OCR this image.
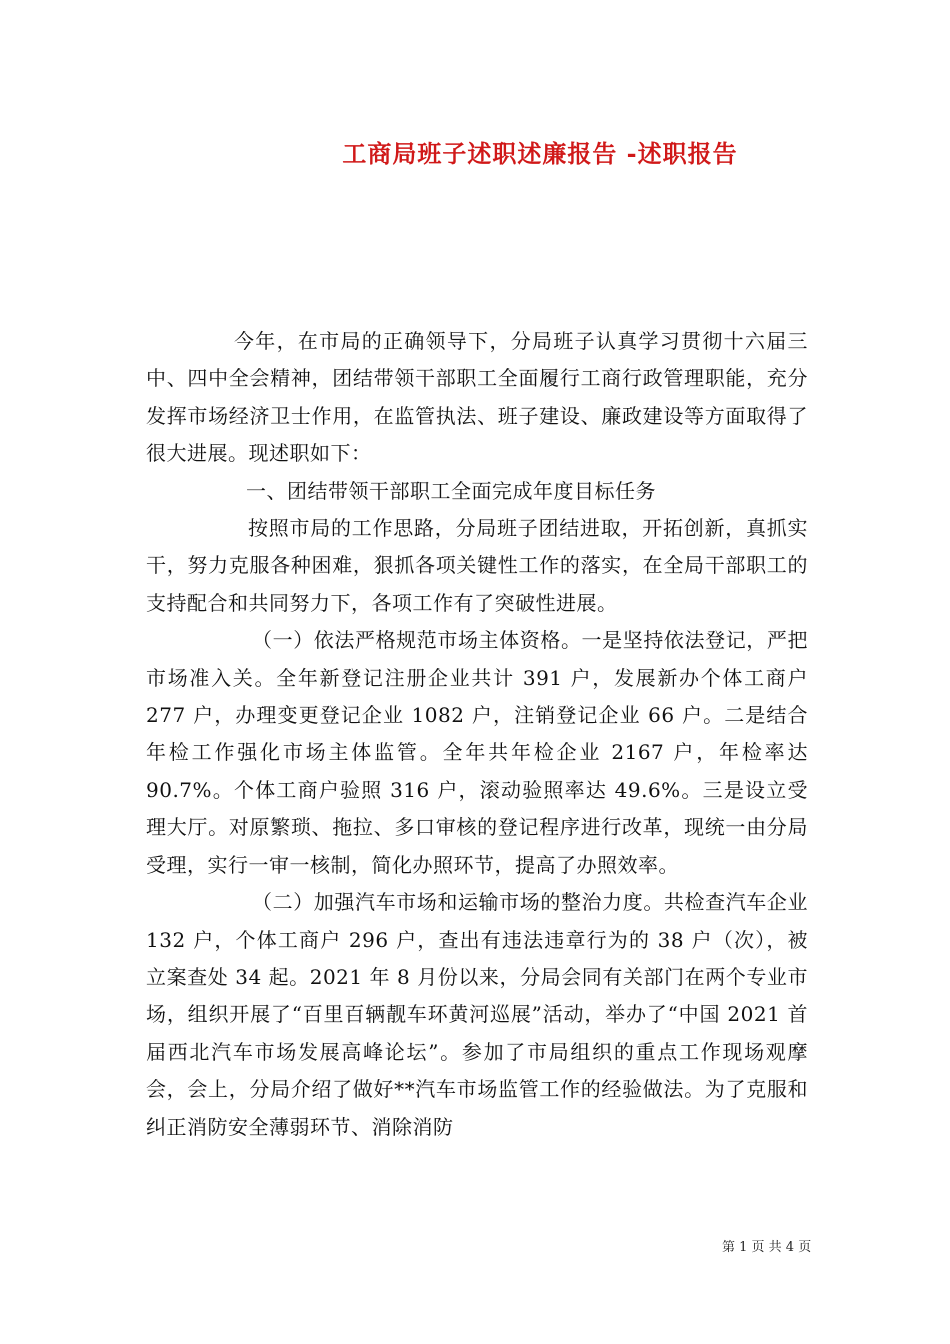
工商局班子述职述廉报告 -述职报告

今年，在市局的正确领导下，分局班子认真学习贯彻十六届三中、四中全会精神，团结带领干部职工全面履行工商行政管理职能，充分发挥市场经济卫士作用，在监管执法、班子建设、廉政建设等方面取得了很大进展。现述职如下：

一、团结带领干部职工全面完成年度目标任务

按照市局的工作思路，分局班子团结进取，开拓创新，真抓实干，努力克服各种困难，狠抓各项关键性工作的落实，在全局干部职工的支持配合和共同努力下，各项工作有了突破性进展。

（一）依法严格规范市场主体资格。一是坚持依法登记，严把市场准入关。全年新登记注册企业共计 391 户，发展新办个体工商户 277 户，办理变更登记企业 1082 户，注销登记企业 66 户。二是结合年检工作强化市场主体监管。全年共年检企业 2167 户，年检率达 90.7%。个体工商户验照 316 户，滚动验照率达 49.6%。三是设立受理大厅。对原繁琐、拖拉、多口审核的登记程序进行改革，现统一由分局受理，实行一审一核制，简化办照环节，提高了办照效率。

（二）加强汽车市场和运输市场的整治力度。共检查汽车企业 132 户，个体工商户 296 户，查出有违法违章行为的 38 户（次），被立案查处 34 起。2021 年 8 月份以来，分局会同有关部门在两个专业市场，组织开展了“百里百辆靓车环黄河巡展”活动，举办了“中国 2021 首届西北汽车市场发展高峰论坛”。参加了市局组织的重点工作现场观摩会，会上，分局介绍了做好**汽车市场监管工作的经验做法。为了克服和纠正消防安全薄弱环节、消除消防

第 1 页 共 4 页
